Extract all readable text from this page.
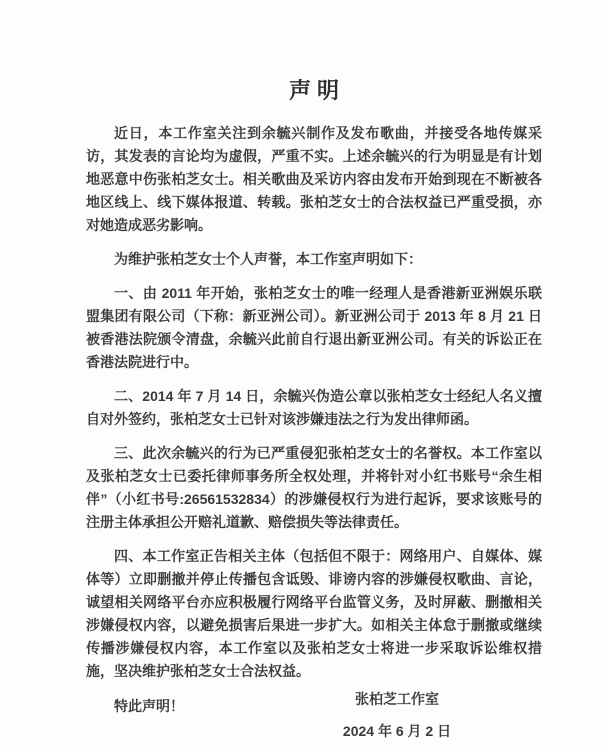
声明

近日，本工作室关注到余毓兴制作及发布歌曲，并接受各地传媒采访，其发表的言论均为虚假，严重不实。上述余毓兴的行为明显是有计划地恶意中伤张柏芝女士。相关歌曲及采访内容由发布开始到现在不断被各地区线上、线下媒体报道、转载。张柏芝女士的合法权益已严重受损，亦对她造成恶劣影响。

为维护张柏芝女士个人声誉，本工作室声明如下：

一、由 2011 年开始，张柏芝女士的唯一经理人是香港新亚洲娱乐联盟集团有限公司（下称：新亚洲公司）。新亚洲公司于 2013 年 8 月 21 日被香港法院颁令清盘，余毓兴此前自行退出新亚洲公司。有关的诉讼正在香港法院进行中。

二、2014 年 7 月 14 日，余毓兴伪造公章以张柏芝女士经纪人名义擅自对外签约，张柏芝女士已针对该涉嫌违法之行为发出律师函。

三、此次余毓兴的行为已严重侵犯张柏芝女士的名誉权。本工作室以及张柏芝女士已委托律师事务所全权处理，并将针对小红书账号“余生相伴”（小红书号:26561532834）的涉嫌侵权行为进行起诉，要求该账号的注册主体承担公开赔礼道歉、赔偿损失等法律责任。

四、本工作室正告相关主体（包括但不限于：网络用户、自媒体、媒体等）立即删撤并停止传播包含诋毁、诽谤内容的涉嫌侵权歌曲、言论，诚望相关网络平台亦应积极履行网络平台监管义务，及时屏蔽、删撤相关涉嫌侵权内容，以避免损害后果进一步扩大。如相关主体怠于删撤或继续传播涉嫌侵权内容，本工作室以及张柏芝女士将进一步采取诉讼维权措施，坚决维护张柏芝女士合法权益。

特此声明！	张柏芝工作室

2024 年 6 月 2 日
